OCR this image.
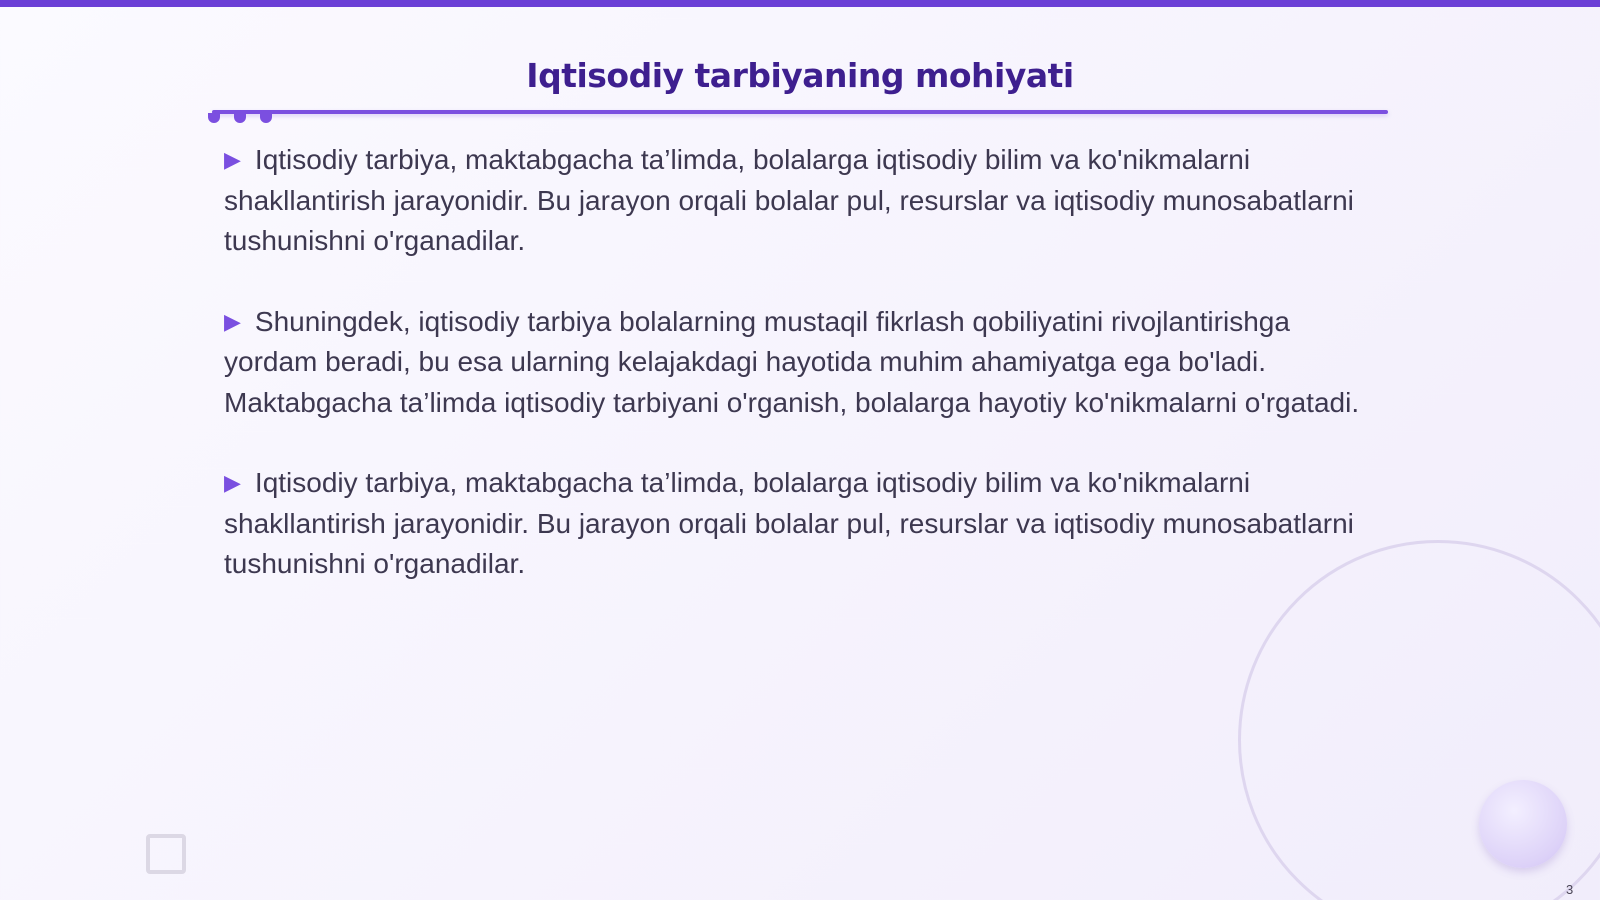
Iqtisodiy tarbiyaning mohiyati

▶ Iqtisodiy tarbiya, maktabgacha ta’limda, bolalarga iqtisodiy bilim va ko'nikmalarni shakllantirish jarayonidir. Bu jarayon orqali bolalar pul, resurslar va iqtisodiy munosabatlarni tushunishni o'rganadilar.

▶ Shuningdek, iqtisodiy tarbiya bolalarning mustaqil fikrlash qobiliyatini rivojlantirishga yordam beradi, bu esa ularning kelajakdagi hayotida muhim ahamiyatga ega bo'ladi. Maktabgacha ta’limda iqtisodiy tarbiyani o'rganish, bolalarga hayotiy ko'nikmalarni o'rgatadi.

▶ Iqtisodiy tarbiya, maktabgacha ta’limda, bolalarga iqtisodiy bilim va ko'nikmalarni shakllantirish jarayonidir. Bu jarayon orqali bolalar pul, resurslar va iqtisodiy munosabatlarni tushunishni o'rganadilar.

3
